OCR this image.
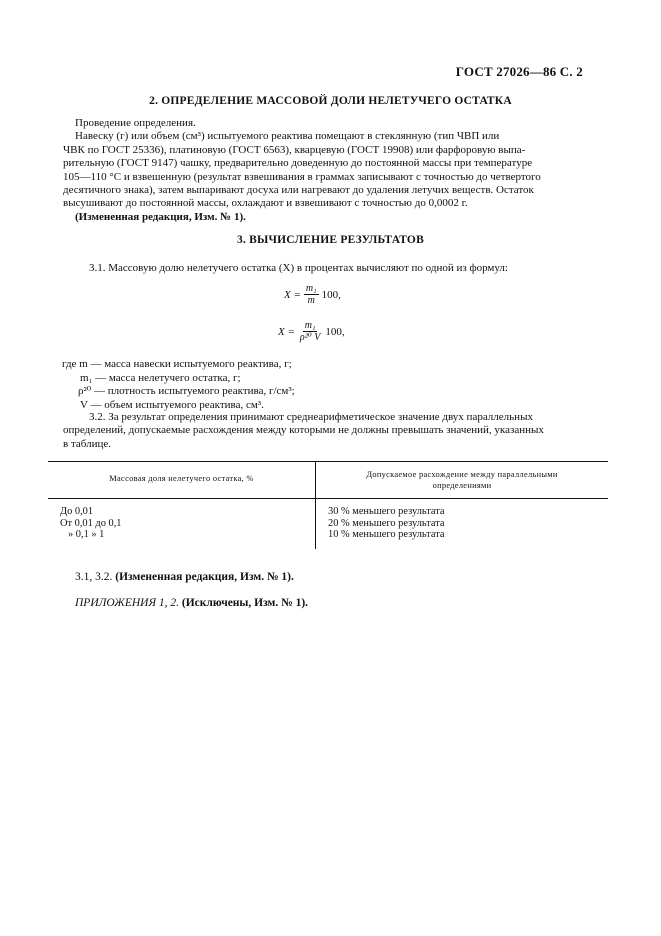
ГОСТ 27026—86 С. 2
2. ОПРЕДЕЛЕНИЕ МАССОВОЙ ДОЛИ НЕЛЕТУЧЕГО ОСТАТКА

Проведение определения.

Навеску (г) или объем (см³) испытуемого реактива помещают в стеклянную (тип ЧВП или

ЧВК по ГОСТ 25336), платиновую (ГОСТ 6563), кварцевую (ГОСТ 19908) или фарфоровую выпа-

рительную (ГОСТ 9147) чашку, предварительно доведенную до постоянной массы при температуре

105—110 °С и взвешенную (результат взвешивания в граммах записывают с точностью до четвертого

десятичного знака), затем выпаривают досуха или нагревают до удаления летучих веществ. Остаток

высушивают до постоянной массы, охлаждают и взвешивают с точностью до 0,0002 г.

(Измененная редакция, Изм. № 1).

3. ВЫЧИСЛЕНИЕ РЕЗУЛЬТАТОВ
3.1. Массовую долю нелетучего остатка (X) в процентах вычисляют по одной из формул:
$X = \frac{\text{m₁}}{m} 100$,
$X = \frac{\text{m₁}}{\text{ρ²⁰ V}} 100$,
где m — масса навески испытуемого реактива, г;
m₁ — масса нелетучего остатка, г;
ρ²⁰ — плотность испытуемого реактива, г/см³;
V — объем испытуемого реактива, см³.

3.2. За результат определения принимают среднеарифметическое значение двух параллельных

определений, допускаемые расхождения между которыми не должны превышать значений, указанных

в таблице.

Массовая доля нелетучего остатка, %	Допускаемое расхождение между параллельными
определениями
До 0,01
От 0,01 до 0,1
» 0,1 » 1
30 % меньшего результата
20 % меньшего результата
10 % меньшего результата
3.1, 3.2. (Измененная редакция, Изм. № 1).
ПРИЛОЖЕНИЯ 1, 2. (Исключены, Изм. № 1).
